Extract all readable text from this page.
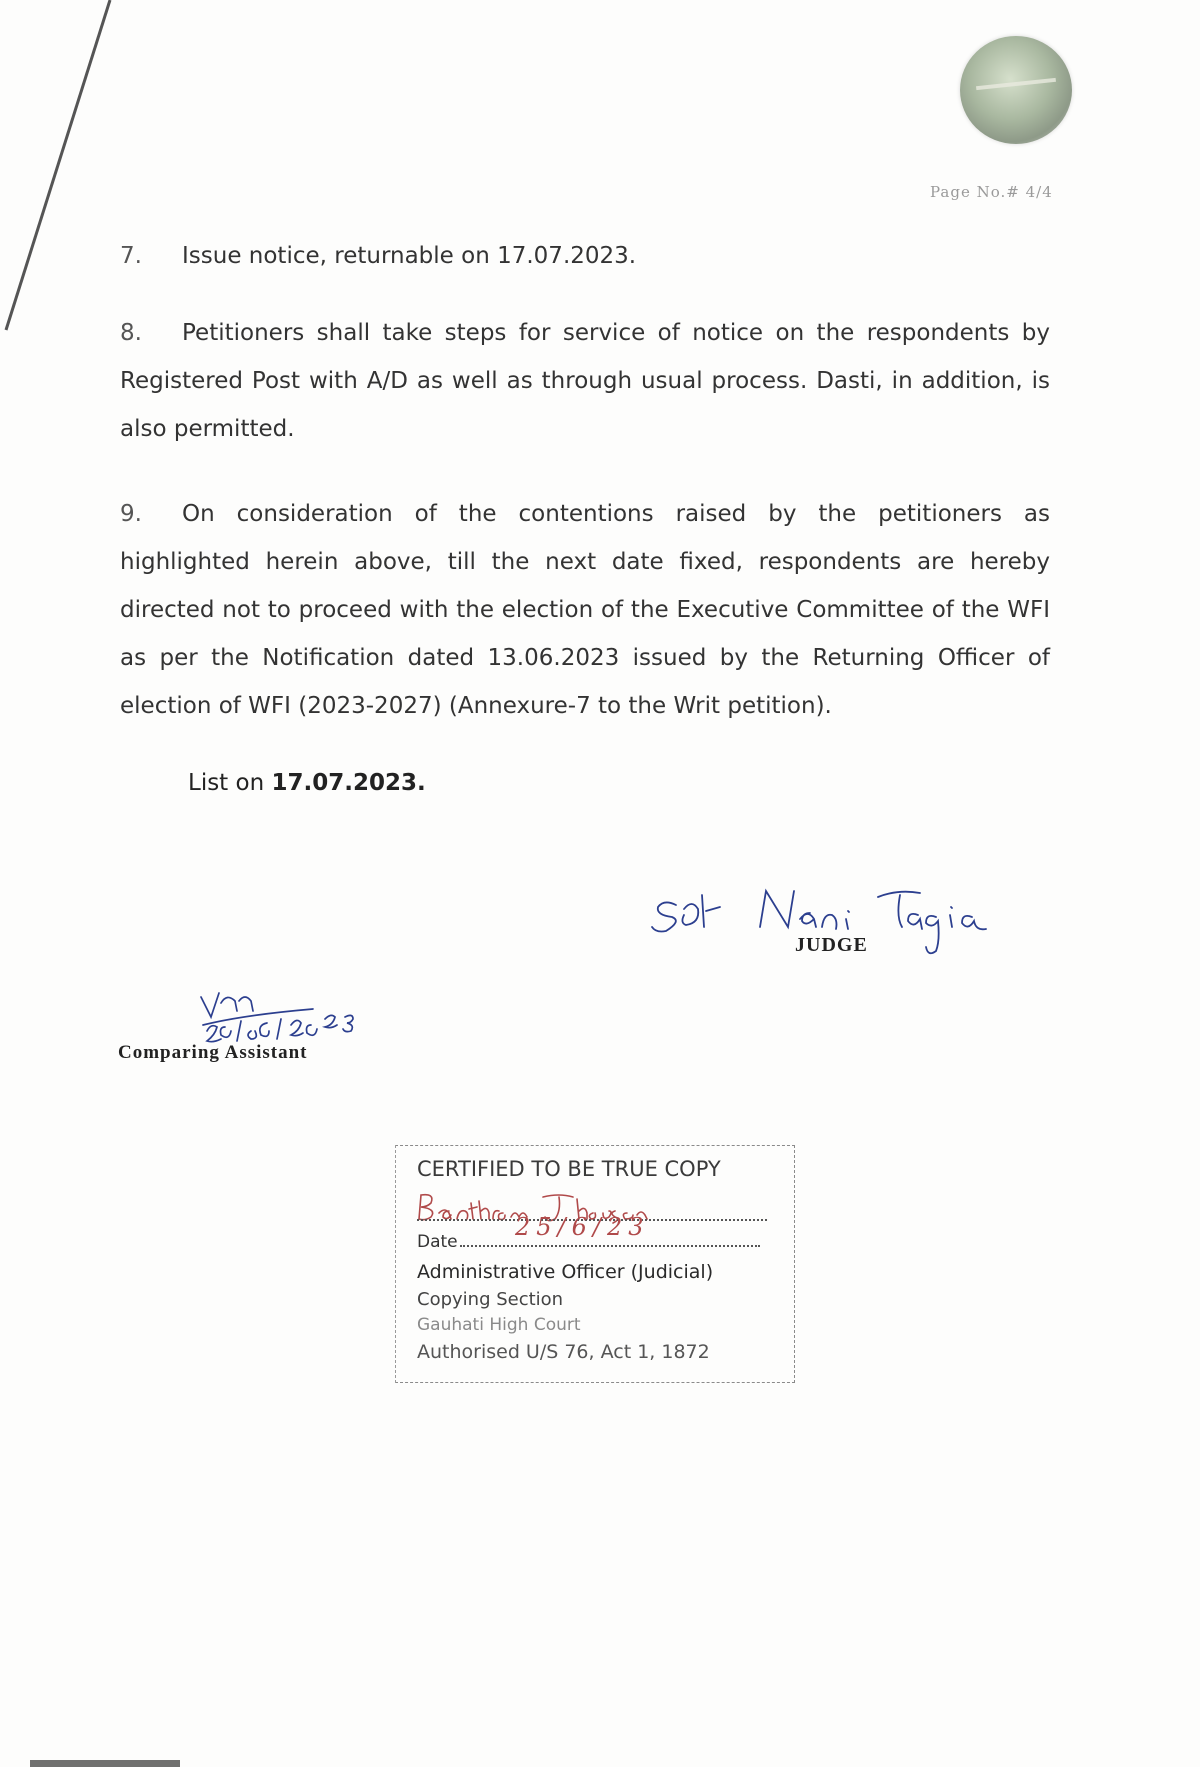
Page No.# 4/4
7. Issue notice, returnable on 17.07.2023.
8. Petitioners shall take steps for service of notice on the respondents by Registered Post with A/D as well as through usual process. Dasti, in addition, is also permitted.
9. On consideration of the contentions raised by the petitioners as highlighted herein above, till the next date fixed, respondents are hereby directed not to proceed with the election of the Executive Committee of the WFI as per the Notification dated 13.06.2023 issued by the Returning Officer of election of WFI (2023-2027) (Annexure-7 to the Writ petition).
List on 17.07.2023.
JUDGE
Comparing Assistant
CERTIFIED TO BE TRUE COPY
Date
25/6/23
Administrative Officer (Judicial)
Copying Section
Gauhati High Court
Authorised U/S 76, Act 1, 1872
